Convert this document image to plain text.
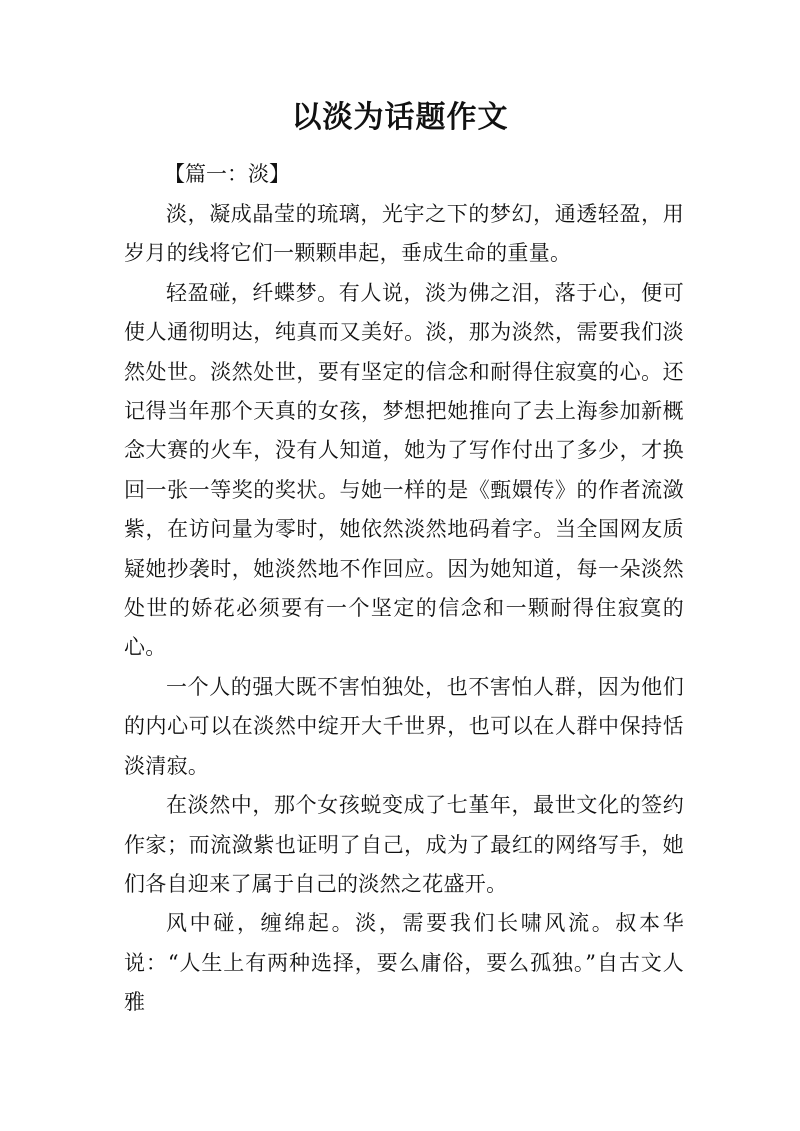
以淡为话题作文

【篇一：淡】

淡，凝成晶莹的琉璃，光宇之下的梦幻，通透轻盈，用岁月的线将它们一颗颗串起，垂成生命的重量。

轻盈碰，纤蝶梦。有人说，淡为佛之泪，落于心，便可使人通彻明达，纯真而又美好。淡，那为淡然，需要我们淡然处世。淡然处世，要有坚定的信念和耐得住寂寞的心。还记得当年那个天真的女孩，梦想把她推向了去上海参加新概念大赛的火车，没有人知道，她为了写作付出了多少，才换回一张一等奖的奖状。与她一样的是《甄嬛传》的作者流潋紫，在访问量为零时，她依然淡然地码着字。当全国网友质疑她抄袭时，她淡然地不作回应。因为她知道，每一朵淡然处世的娇花必须要有一个坚定的信念和一颗耐得住寂寞的心。

一个人的强大既不害怕独处，也不害怕人群，因为他们的内心可以在淡然中绽开大千世界，也可以在人群中保持恬淡清寂。

在淡然中，那个女孩蜕变成了七堇年，最世文化的签约作家；而流潋紫也证明了自己，成为了最红的网络写手，她们各自迎来了属于自己的淡然之花盛开。

风中碰，缠绵起。淡，需要我们长啸风流。叔本华说：“人生上有两种选择，要么庸俗，要么孤独。”自古文人雅
